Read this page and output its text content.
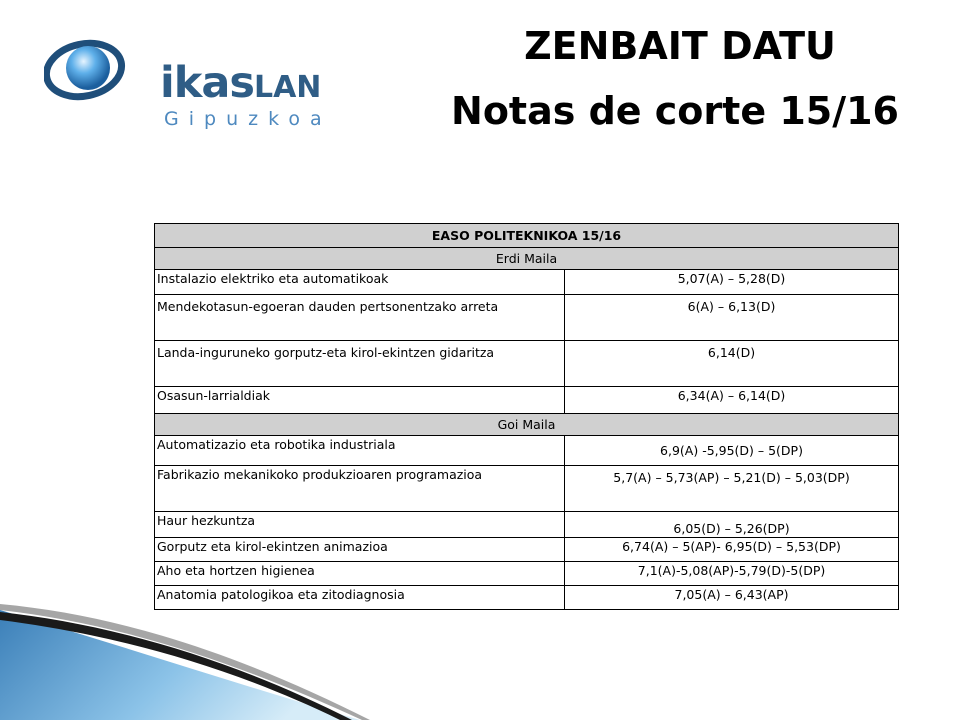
ikasLAN
Gipuzkoa
ZENBAIT DATU
Notas de corte 15/16
EASO POLITEKNIKOA 15/16	
Erdi Maila	
Instalazio elektriko eta automatikoak	5,07(A) – 5,28(D)
Mendekotasun-egoeran dauden pertsonentzako arreta	6(A) – 6,13(D)
Landa-inguruneko gorputz-eta kirol-ekintzen gidaritza	6,14(D)
Osasun-larrialdiak	6,34(A) – 6,14(D)
Goi Maila	
Automatizazio eta robotika industriala	6,9(A) -5,95(D) – 5(DP)
Fabrikazio mekanikoko produkzioaren programazioa	5,7(A) – 5,73(AP) – 5,21(D) – 5,03(DP)
Haur hezkuntza	6,05(D) – 5,26(DP)
Gorputz eta kirol-ekintzen animazioa	6,74(A) – 5(AP)- 6,95(D) – 5,53(DP)
Aho eta hortzen higienea	7,1(A)-5,08(AP)-5,79(D)-5(DP)
Anatomia patologikoa eta zitodiagnosia	7,05(A) – 6,43(AP)
